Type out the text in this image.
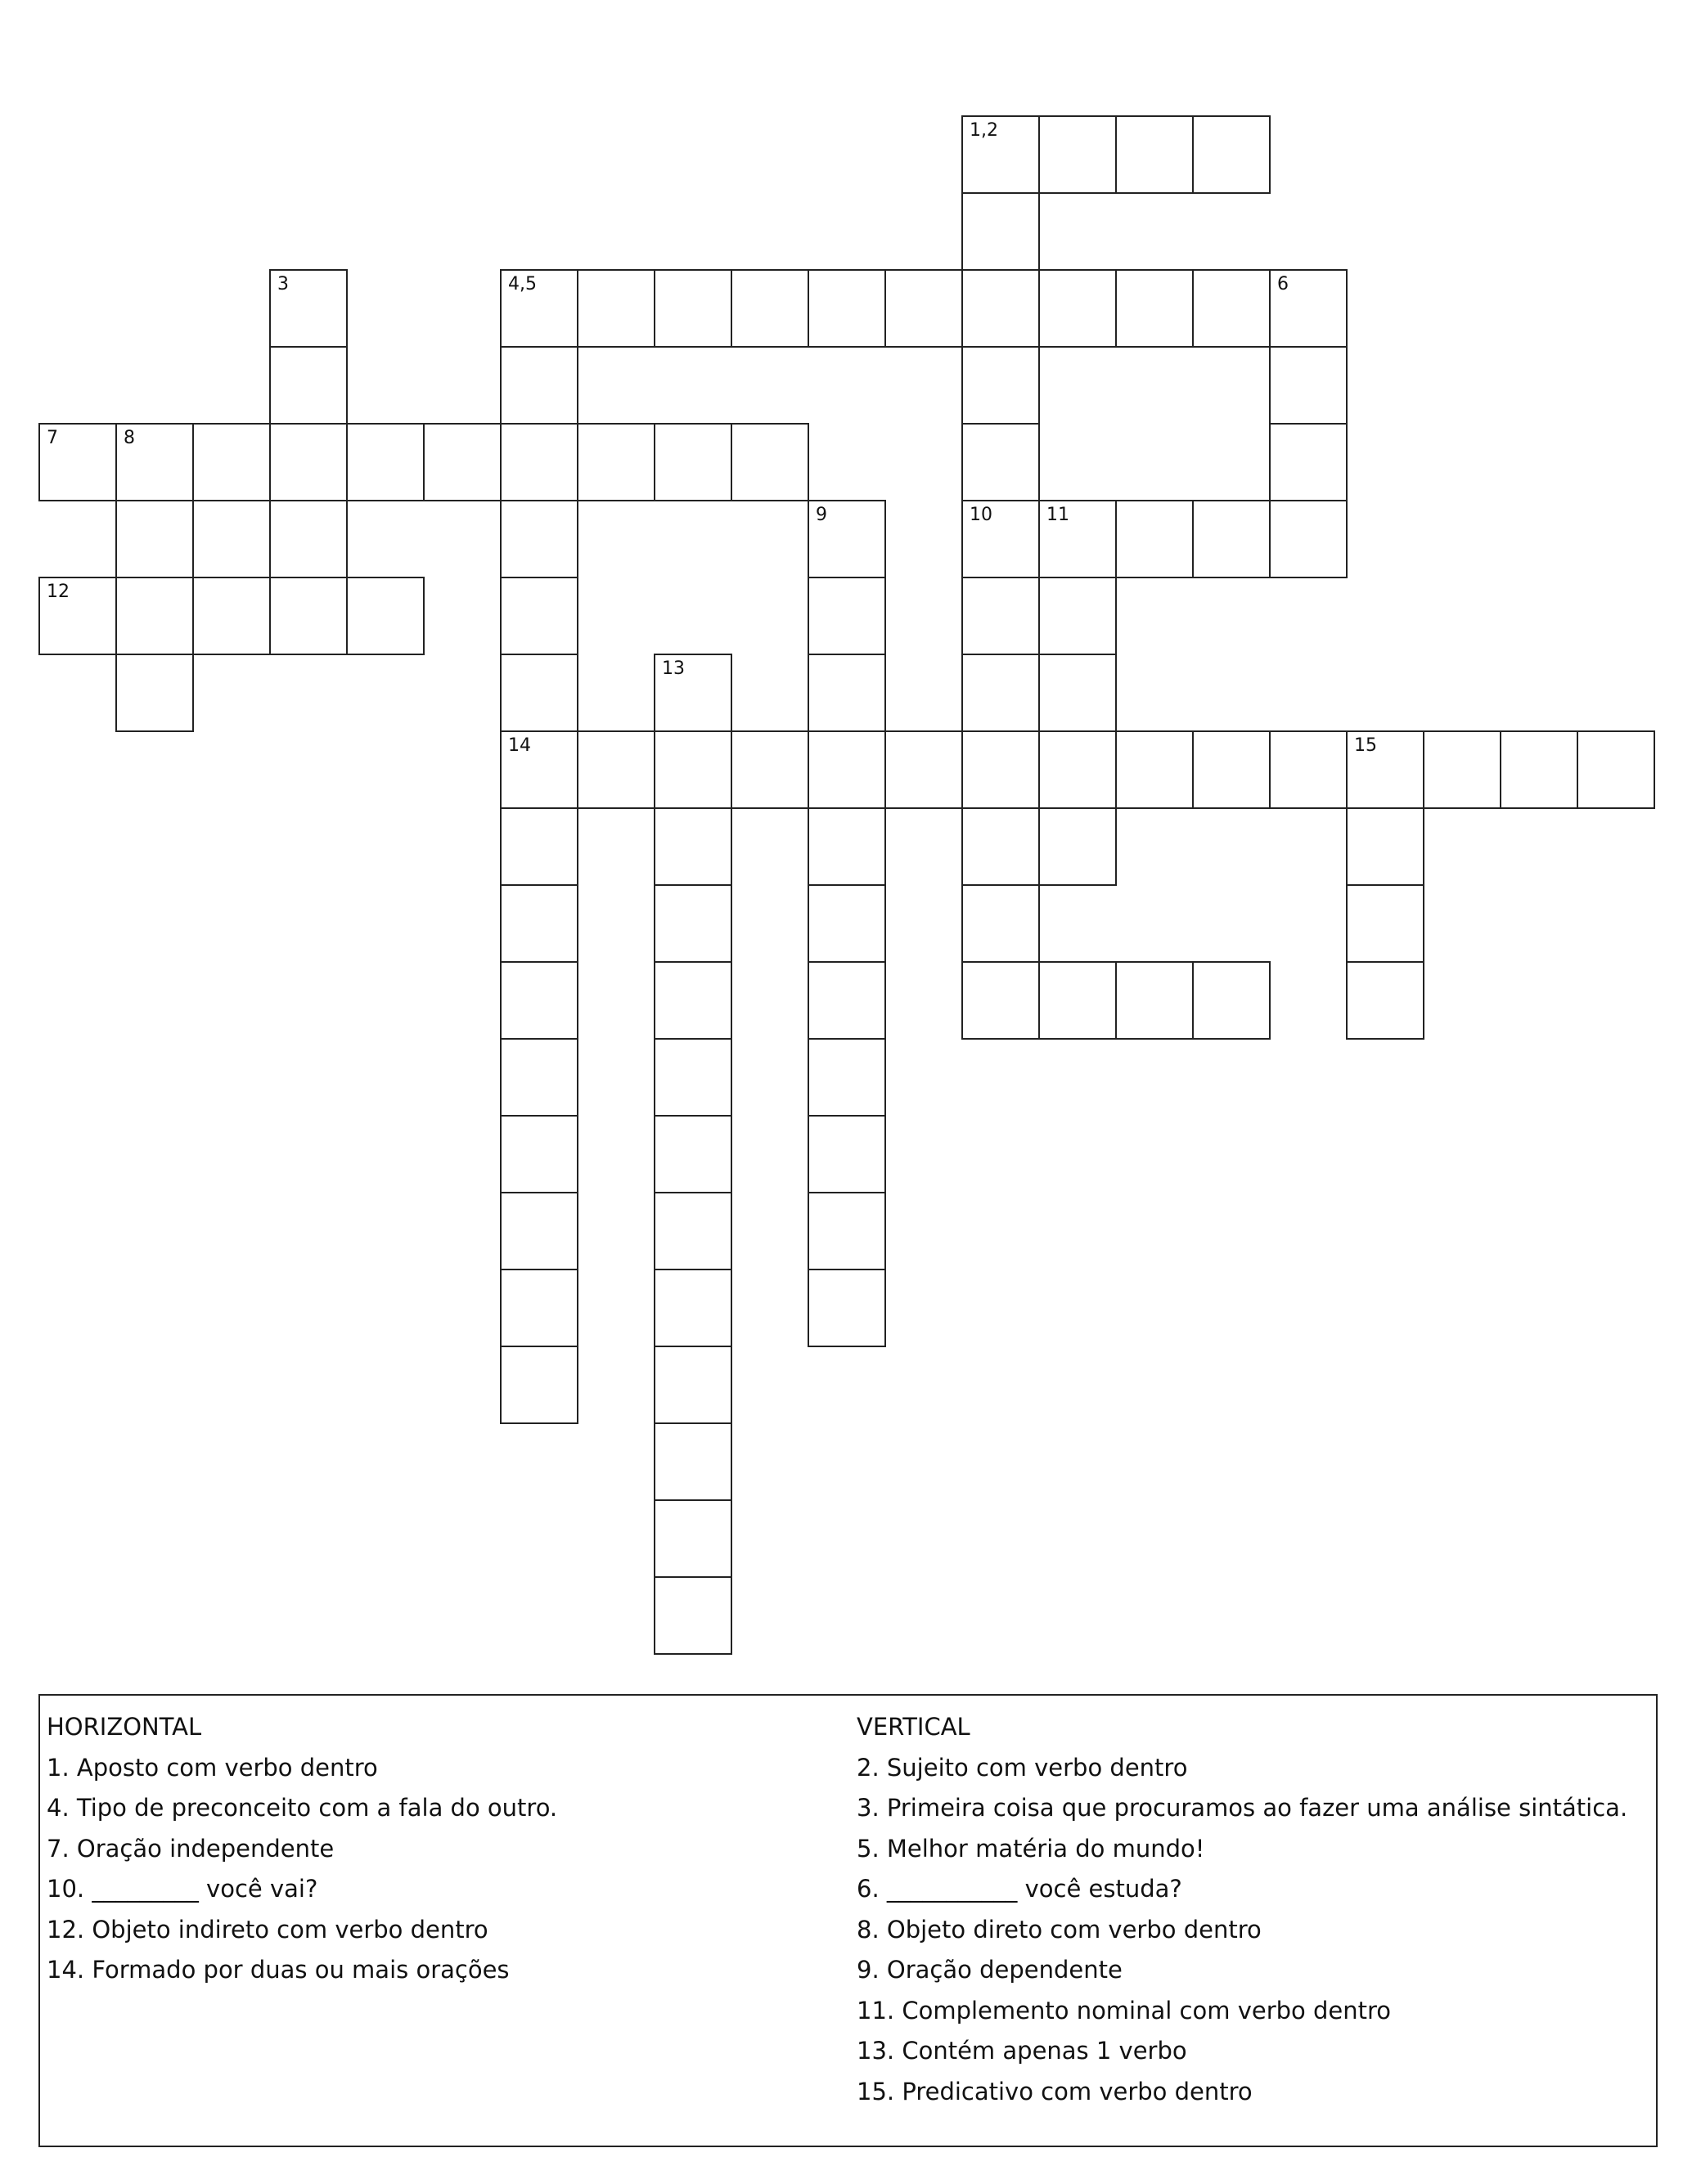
1,2
10
4,5	6
14
3
7	8
12
9	11
13
15
HORIZONTAL
1. Aposto com verbo dentro
4. Tipo de preconceito com a fala do outro.
7. Oração independente
10. _________ você vai?
12. Objeto indireto com verbo dentro
14. Formado por duas ou mais orações
VERTICAL
2. Sujeito com verbo dentro
3. Primeira coisa que procuramos ao fazer uma análise sintática.
5. Melhor matéria do mundo!
6. ___________ você estuda?
8. Objeto direto com verbo dentro
9. Oração dependente
11. Complemento nominal com verbo dentro
13. Contém apenas 1 verbo
15. Predicativo com verbo dentro
